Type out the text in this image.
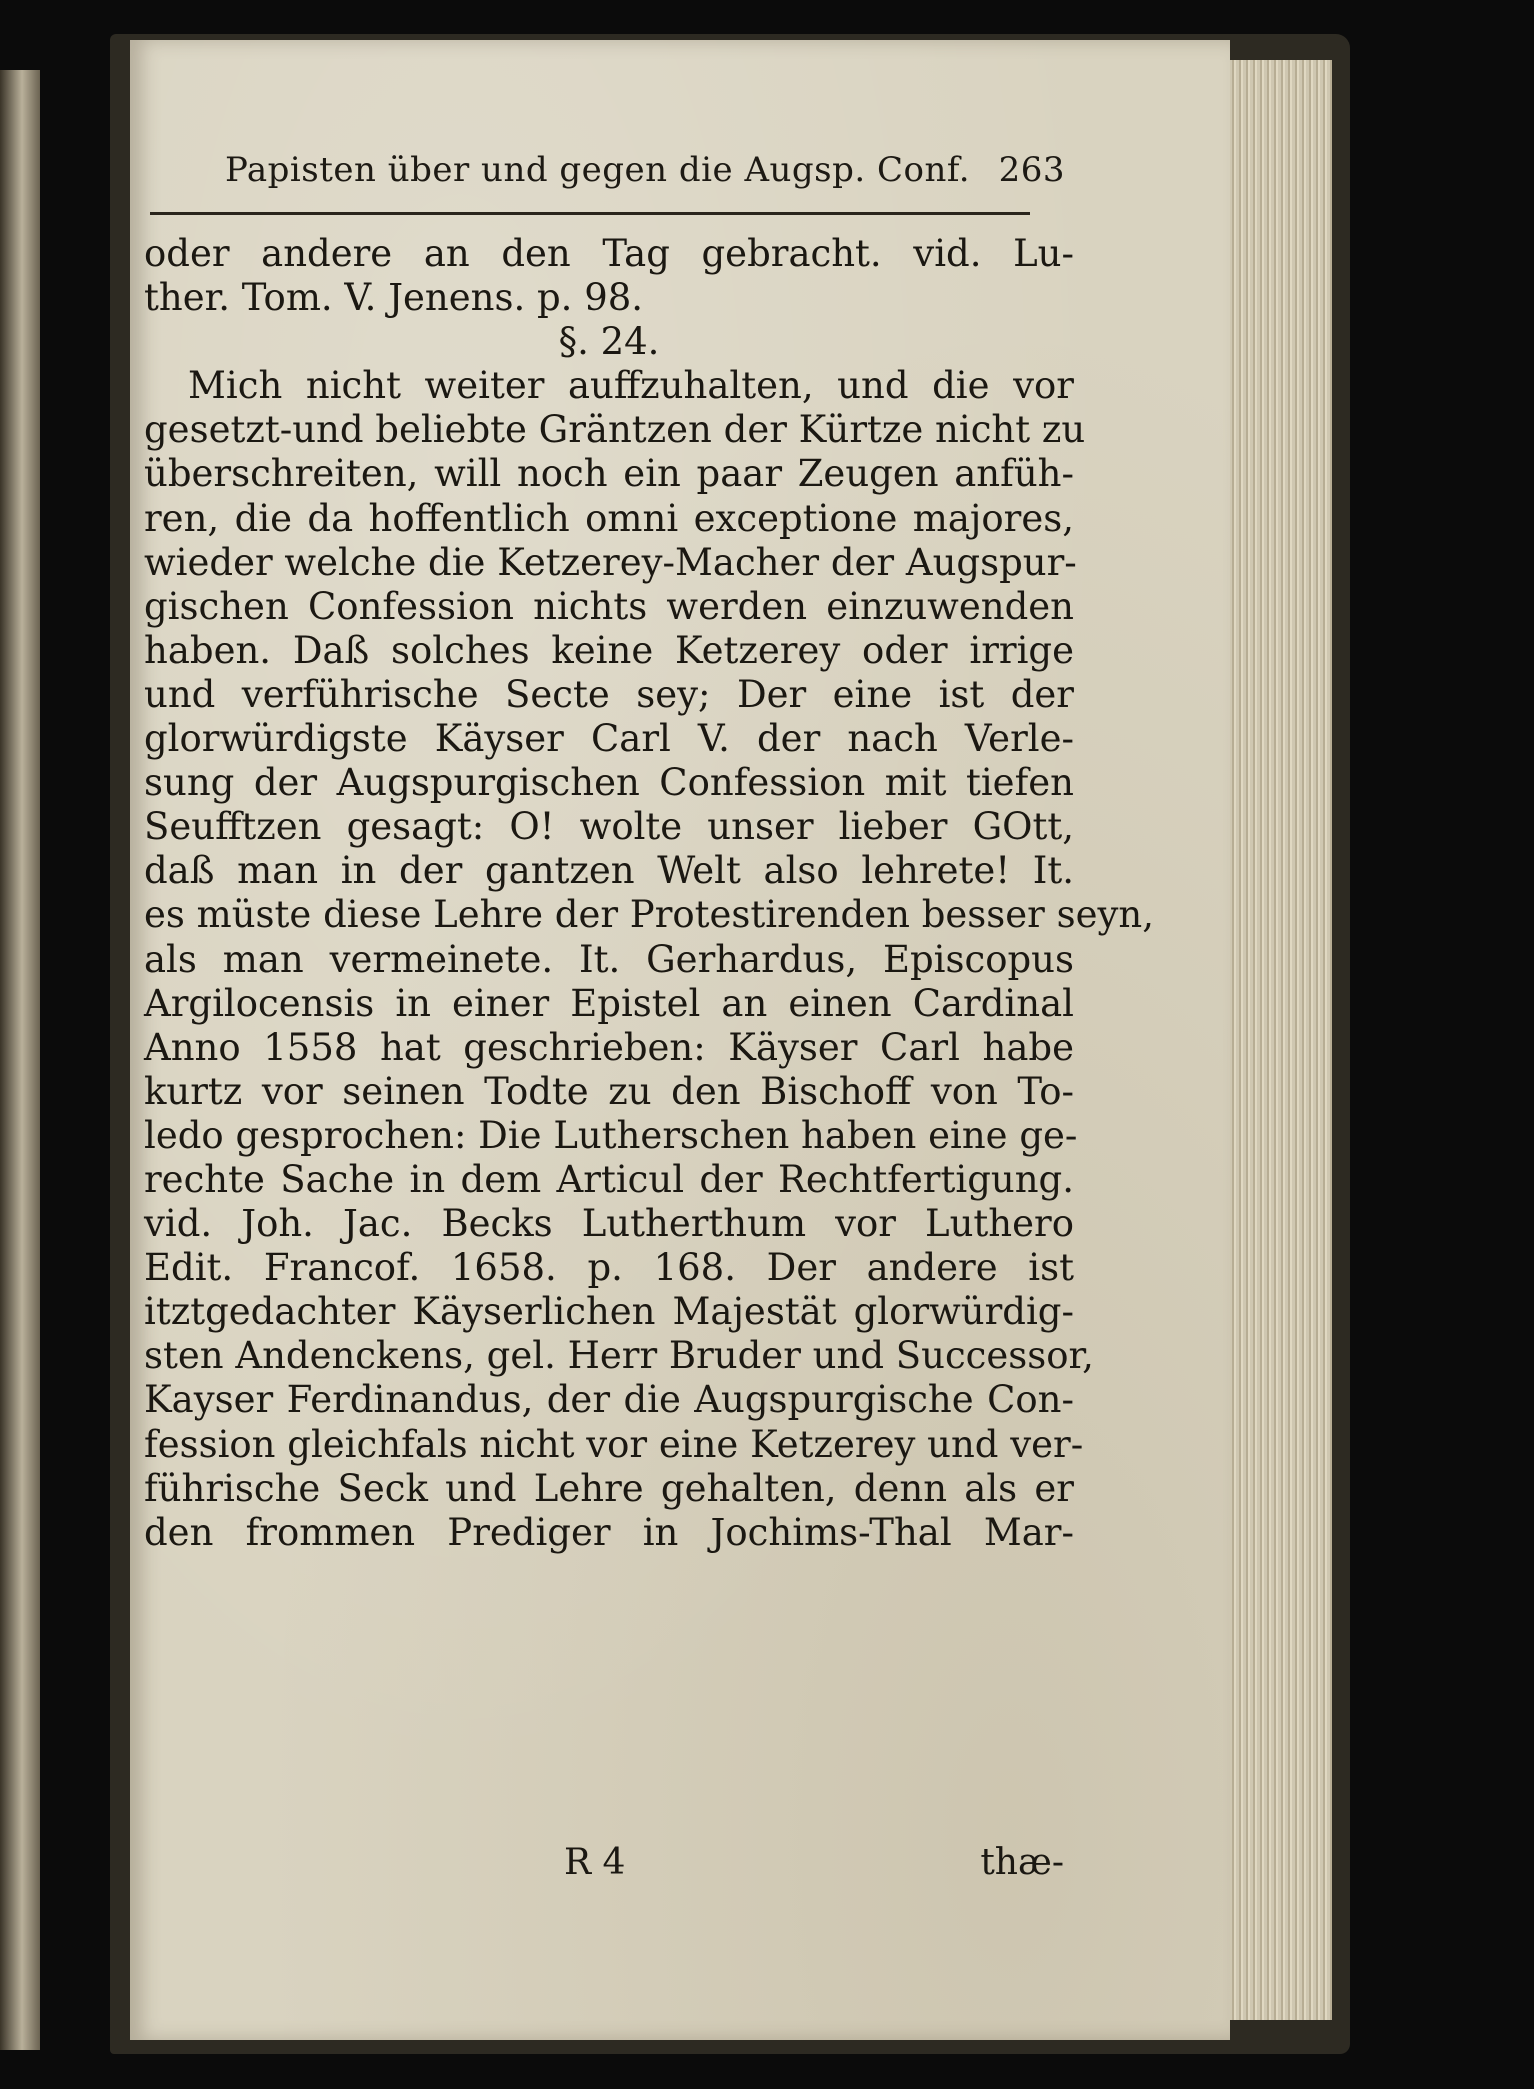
Papisten über und gegen die Augsp. Conf. 263
oder andere an den Tag gebracht. vid. Lu-
ther. Tom. V. Jenens. p. 98.
§. 24.
Mich nicht weiter auffzuhalten, und die vor
gesetzt-und beliebte Gräntzen der Kürtze nicht zu
überschreiten, will noch ein paar Zeugen anfüh-
ren, die da hoffentlich omni exceptione majores,
wieder welche die Ketzerey-Macher der Augspur-
gischen Confession nichts werden einzuwenden
haben. Daß solches keine Ketzerey oder irrige
und verführische Secte sey; Der eine ist der
glorwürdigste Käyser Carl V. der nach Verle-
sung der Augspurgischen Confession mit tiefen
Seufftzen gesagt: O! wolte unser lieber GOtt,
daß man in der gantzen Welt also lehrete! It.
es müste diese Lehre der Protestirenden besser seyn,
als man vermeinete. It. Gerhardus, Episcopus
Argilocensis in einer Epistel an einen Cardinal
Anno 1558 hat geschrieben: Käyser Carl habe
kurtz vor seinen Todte zu den Bischoff von To-
ledo gesprochen: Die Lutherschen haben eine ge-
rechte Sache in dem Articul der Rechtfertigung.
vid. Joh. Jac. Becks Lutherthum vor Luthero
Edit. Francof. 1658. p. 168. Der andere ist
itztgedachter Käyserlichen Majestät glorwürdig-
sten Andenckens, gel. Herr Bruder und Successor,
Kayser Ferdinandus, der die Augspurgische Con-
fession gleichfals nicht vor eine Ketzerey und ver-
führische Seck und Lehre gehalten, denn als er
den frommen Prediger in Jochims-Thal Mar-
R 4	thæ-
